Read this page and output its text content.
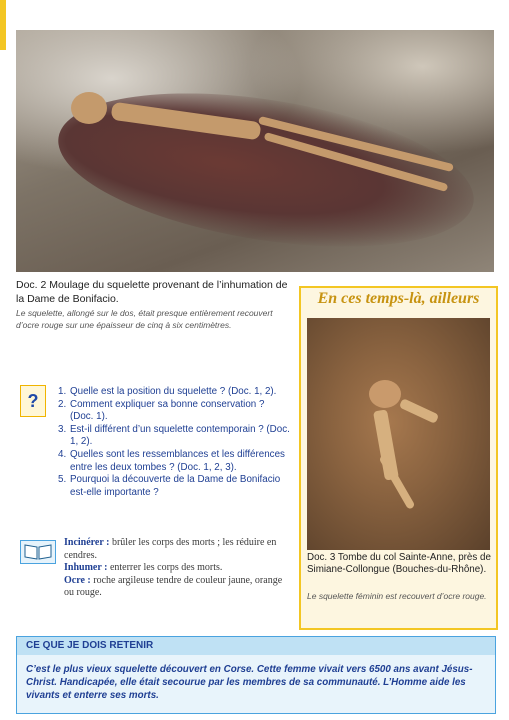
Doc. 2 Moulage du squelette provenant de l’inhumation de la Dame de Bonifacio.
Le squelette, allongé sur le dos, était presque entièrement recouvert d’ocre rouge sur une épaisseur de cinq à six centimètres.
?	1. Quelle est la position du squelette ? (Doc. 1, 2).
2. Comment expliquer sa bonne conservation ? (Doc. 1).
3. Est-il différent d’un squelette contemporain ? (Doc. 1, 2).
4. Quelles sont les ressemblances et les différences entre les deux tombes ? (Doc. 1, 2, 3).
5. Pourquoi la découverte de la Dame de Bonifacio est-elle importante ?

Incinérer : brûler les corps des morts ; les réduire en cendres.

Inhumer : enterrer les corps des morts.

Ocre : roche argileuse tendre de couleur jaune, orange ou rouge.

En ces temps-là, ailleurs
Doc. 3 Tombe du col Sainte-Anne, près de Simiane-Collongue (Bouches-du-Rhône).
Le squelette féminin est recouvert d’ocre rouge.
CE QUE JE DOIS RETENIR
C’est le plus vieux squelette découvert en Corse. Cette femme vivait vers 6500 ans avant Jésus-Christ. Handicapée, elle était secourue par les membres de sa communauté. L’Homme aide les vivants et enterre ses morts.
